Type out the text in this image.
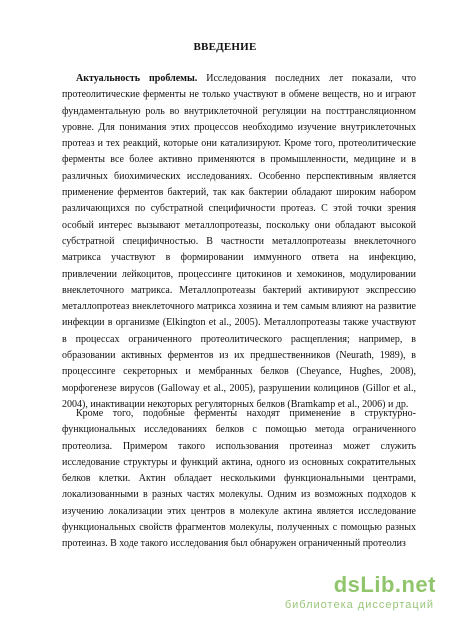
ВВЕДЕНИЕ
Актуальность проблемы. Исследования последних лет показали, что протеолитические ферменты не только участвуют в обмене веществ, но и играют фундаментальную роль во внутриклеточной регуляции на посттрансляционном уровне. Для понимания этих процессов необходимо изучение внутриклеточных протеаз и тех реакций, которые они катализируют. Кроме того, протеолитические ферменты все более активно применяются в промышленности, медицине и в различных биохимических исследованиях. Особенно перспективным является применение ферментов бактерий, так как бактерии обладают широким набором различающихся по субстратной специфичности протеаз. С этой точки зрения особый интерес вызывают металлопротеазы, поскольку они обладают высокой субстратной специфичностью. В частности металлопротеазы внеклеточного матрикса участвуют в формировании иммунного ответа на инфекцию, привлечении лейкоцитов, процессинге цитокинов и хемокинов, модулировании внеклеточного матрикса. Металлопротеазы бактерий активируют экспрессию металлопротеаз внеклеточного матрикса хозяина и тем самым влияют на развитие инфекции в организме (Elkington et al., 2005). Металлопротеазы также участвуют в процессах ограниченного протеолитического расщепления; например, в образовании активных ферментов из их предшественников (Neurath, 1989), в процессинге секреторных и мембранных белков (Cheyance, Hughes, 2008), морфогенезе вирусов (Galloway et al., 2005), разрушении колицинов (Gillor et al., 2004), инактивации некоторых регуляторных белков (Bramkamp et al., 2006) и др.
Кроме того, подобные ферменты находят применение в структурно-функциональных исследованиях белков с помощью метода ограниченного протеолиза. Примером такого использования протеиназ может служить исследование структуры и функций актина, одного из основных сократительных белков клетки. Актин обладает несколькими функциональными центрами, локализованными в разных частях молекулы. Одним из возможных подходов к изучению локализации этих центров в молекуле актина является исследование функциональных свойств фрагментов молекулы, полученных с помощью разных протеиназ. В ходе такого исследования был обнаружен ограниченный протеолиз
dsLib.net
библиотека диссертаций
